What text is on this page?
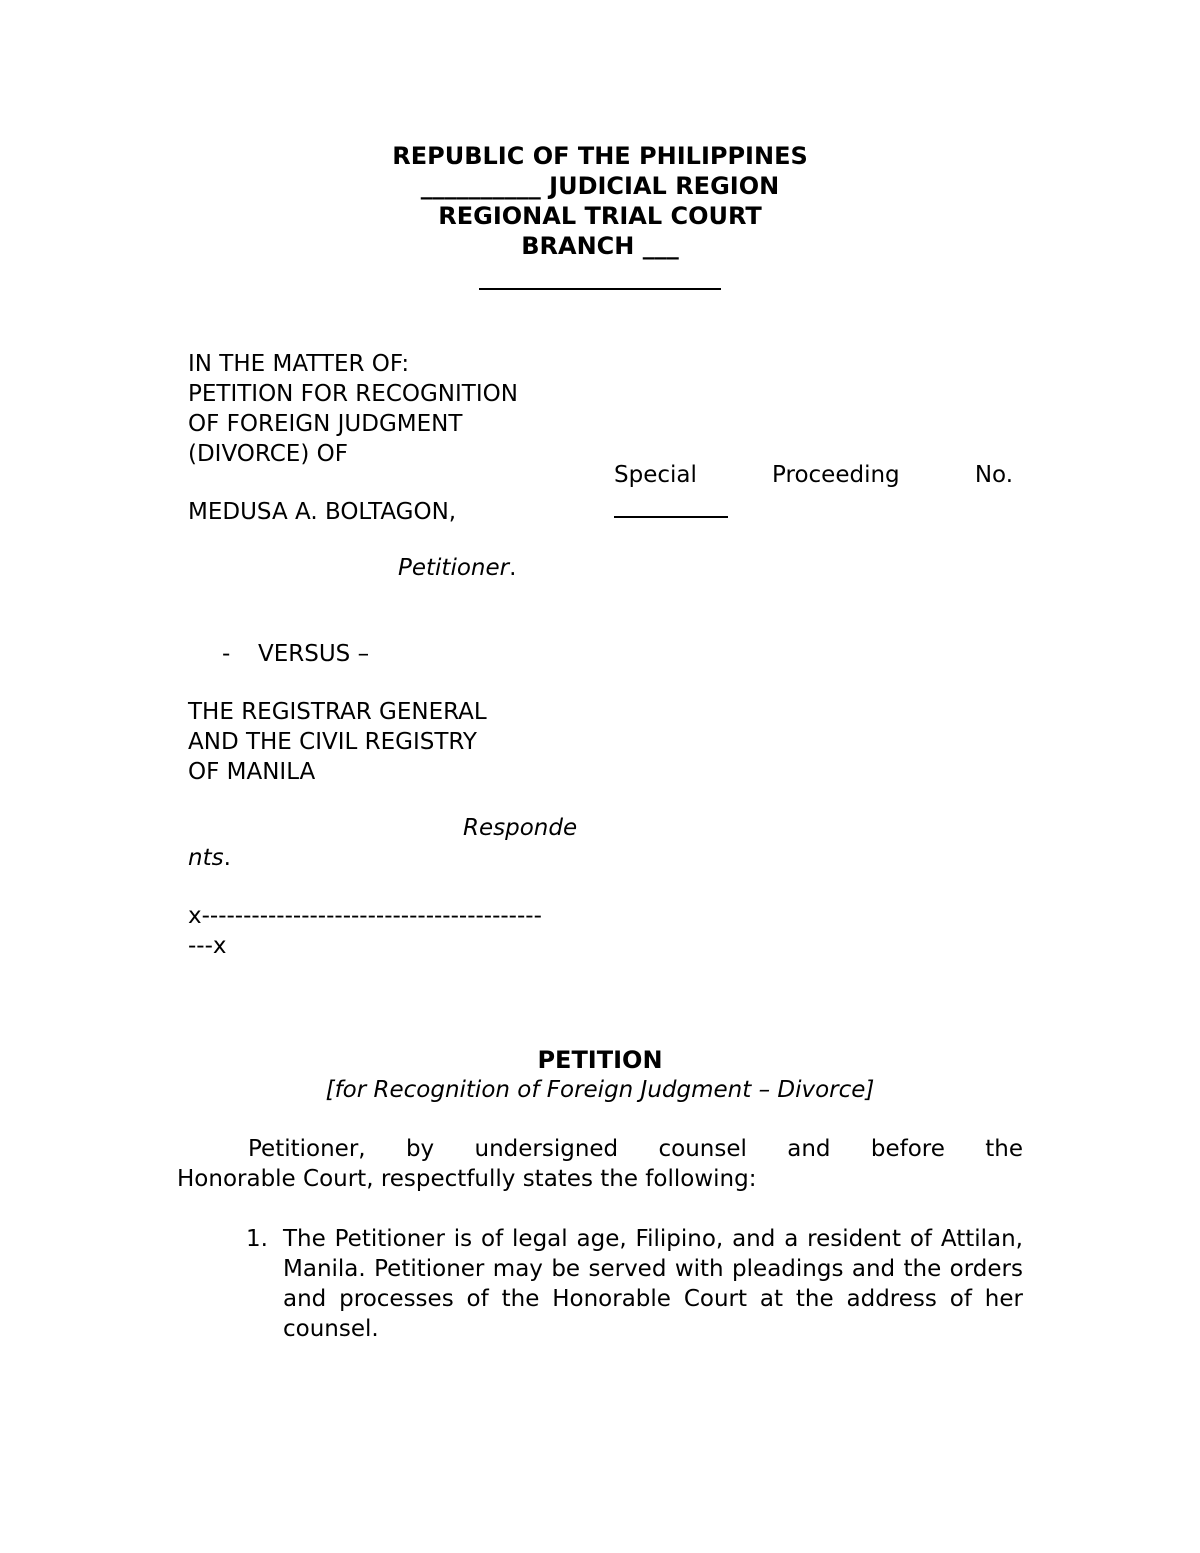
REPUBLIC OF THE PHILIPPINES
__________ JUDICIAL REGION
REGIONAL TRIAL COURT
BRANCH ___
IN THE MATTER OF:
PETITION FOR RECOGNITION
OF FOREIGN JUDGMENT
(DIVORCE) OF
MEDUSA A. BOLTAGON,
Petitioner.
- VERSUS –
THE REGISTRAR GENERAL
AND THE CIVIL REGISTRY
OF MANILA
Responde
nts.
x-----------------------------------------
---x
Special	Proceeding	No.
PETITION
[for Recognition of Foreign Judgment – Divorce]
Petitioner, by undersigned counsel and before the
Honorable Court, respectfully states the following:
1. The Petitioner is of legal age, Filipino, and a resident of Attilan, Manila. Petitioner may be served with pleadings and the orders and processes of the Honorable Court at the address of her counsel.
